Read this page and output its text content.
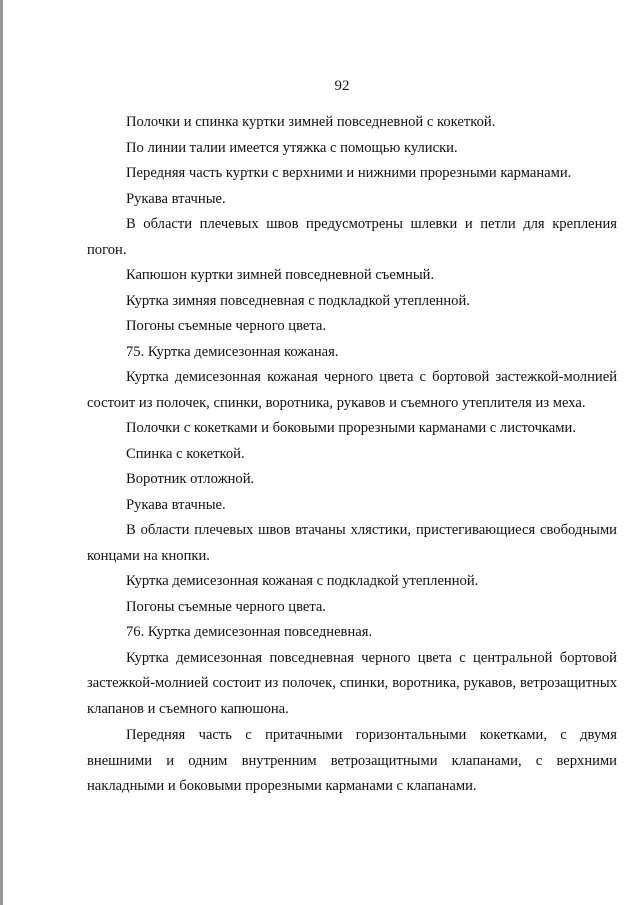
92

Полочки и спинка куртки зимней повседневной с кокеткой.

По линии талии имеется утяжка с помощью кулиски.

Передняя часть куртки с верхними и нижними прорезными карманами.

Рукава втачные.

В области плечевых швов предусмотрены шлевки и петли для крепления погон.

Капюшон куртки зимней повседневной съемный.

Куртка зимняя повседневная с подкладкой утепленной.

Погоны съемные черного цвета.

75. Куртка демисезонная кожаная.

Куртка демисезонная кожаная черного цвета с бортовой застежкой-молнией состоит из полочек, спинки, воротника, рукавов и съемного утеплителя из меха.

Полочки с кокетками и боковыми прорезными карманами с листочками.

Спинка с кокеткой.

Воротник отложной.

Рукава втачные.

В области плечевых швов втачаны хлястики, пристегивающиеся свободными концами на кнопки.

Куртка демисезонная кожаная с подкладкой утепленной.

Погоны съемные черного цвета.

76. Куртка демисезонная повседневная.

Куртка демисезонная повседневная черного цвета с центральной бортовой застежкой-молнией состоит из полочек, спинки, воротника, рукавов, ветрозащитных клапанов и съемного капюшона.

Передняя часть с притачными горизонтальными кокетками, с двумя внешними и одним внутренним ветрозащитными клапанами, с верхними накладными и боковыми прорезными карманами с клапанами.
